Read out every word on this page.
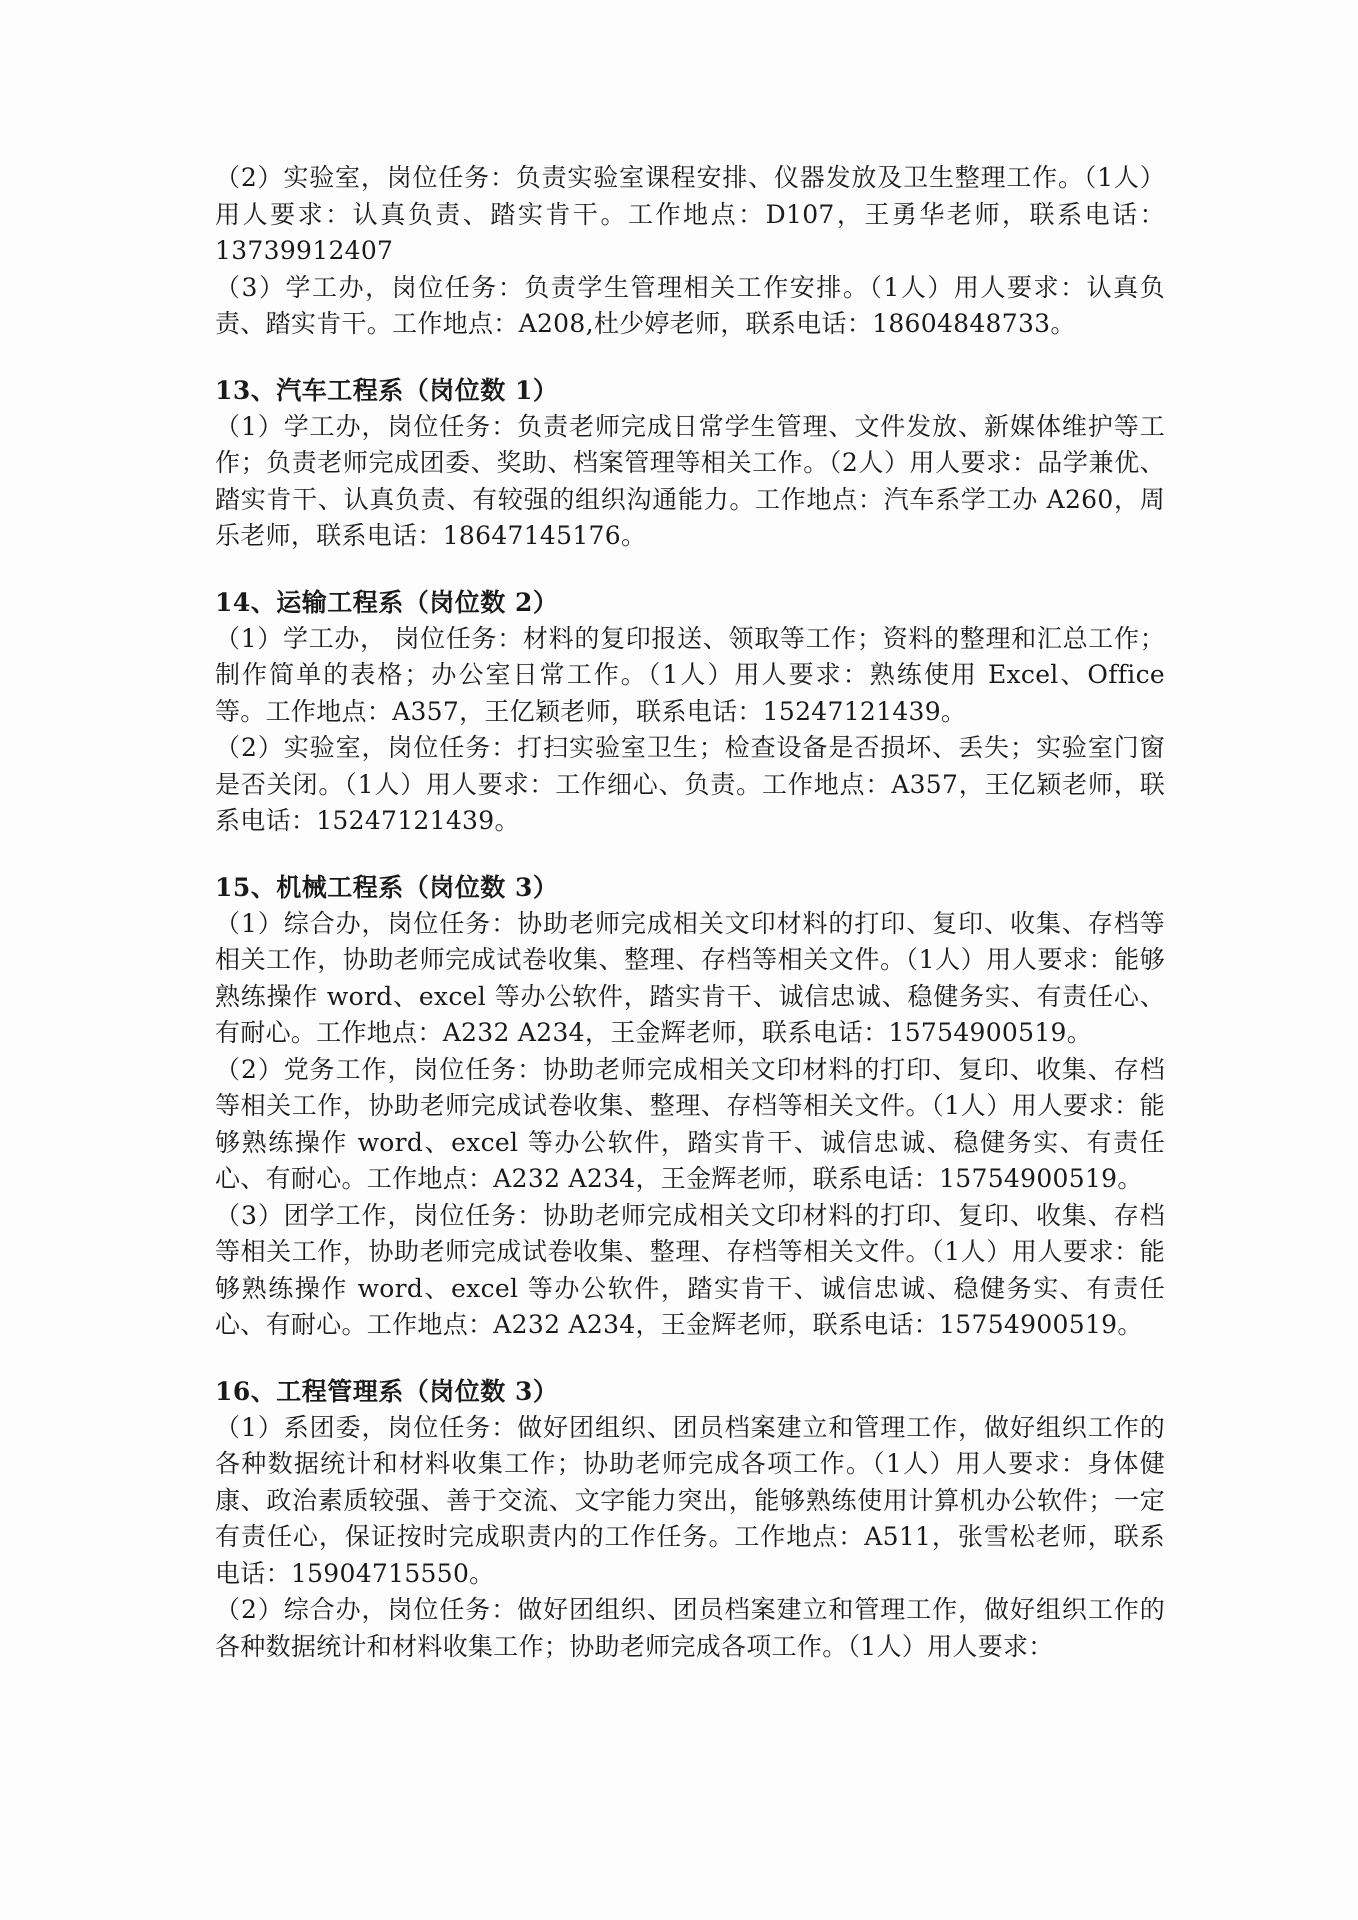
（2）实验室，岗位任务：负责实验室课程安排、仪器发放及卫生整理工作。（1人）用人要求：认真负责、踏实肯干。工作地点：D107，王勇华老师，联系电话：13739912407

（3）学工办，岗位任务：负责学生管理相关工作安排。（1人）用人要求：认真负责、踏实肯干。工作地点：A208,杜少婷老师，联系电话：18604848733。

13、汽车工程系（岗位数 1）

（1）学工办，岗位任务：负责老师完成日常学生管理、文件发放、新媒体维护等工作；负责老师完成团委、奖助、档案管理等相关工作。（2人）用人要求：品学兼优、踏实肯干、认真负责、有较强的组织沟通能力。工作地点：汽车系学工办 A260，周乐老师，联系电话：18647145176。

14、运输工程系（岗位数 2）

（1）学工办， 岗位任务：材料的复印报送、领取等工作；资料的整理和汇总工作；制作简单的表格；办公室日常工作。（1人）用人要求：熟练使用 Excel、Office 等。工作地点：A357，王亿颖老师，联系电话：15247121439。

（2）实验室，岗位任务：打扫实验室卫生；检查设备是否损坏、丢失；实验室门窗是否关闭。（1人）用人要求：工作细心、负责。工作地点：A357，王亿颖老师，联系电话：15247121439。

15、机械工程系（岗位数 3）

（1）综合办，岗位任务：协助老师完成相关文印材料的打印、复印、收集、存档等相关工作，协助老师完成试卷收集、整理、存档等相关文件。（1人）用人要求：能够熟练操作 word、excel 等办公软件，踏实肯干、诚信忠诚、稳健务实、有责任心、有耐心。工作地点：A232 A234，王金辉老师，联系电话：15754900519。

（2）党务工作，岗位任务：协助老师完成相关文印材料的打印、复印、收集、存档等相关工作，协助老师完成试卷收集、整理、存档等相关文件。（1人）用人要求：能够熟练操作 word、excel 等办公软件，踏实肯干、诚信忠诚、稳健务实、有责任心、有耐心。工作地点：A232 A234，王金辉老师，联系电话：15754900519。

（3）团学工作，岗位任务：协助老师完成相关文印材料的打印、复印、收集、存档等相关工作，协助老师完成试卷收集、整理、存档等相关文件。（1人）用人要求：能够熟练操作 word、excel 等办公软件，踏实肯干、诚信忠诚、稳健务实、有责任心、有耐心。工作地点：A232 A234，王金辉老师，联系电话：15754900519。

16、工程管理系（岗位数 3）

（1）系团委，岗位任务：做好团组织、团员档案建立和管理工作，做好组织工作的各种数据统计和材料收集工作；协助老师完成各项工作。（1人）用人要求：身体健康、政治素质较强、善于交流、文字能力突出，能够熟练使用计算机办公软件；一定有责任心，保证按时完成职责内的工作任务。工作地点：A511，张雪松老师，联系电话：15904715550。

（2）综合办，岗位任务：做好团组织、团员档案建立和管理工作，做好组织工作的各种数据统计和材料收集工作；协助老师完成各项工作。（1人）用人要求：
